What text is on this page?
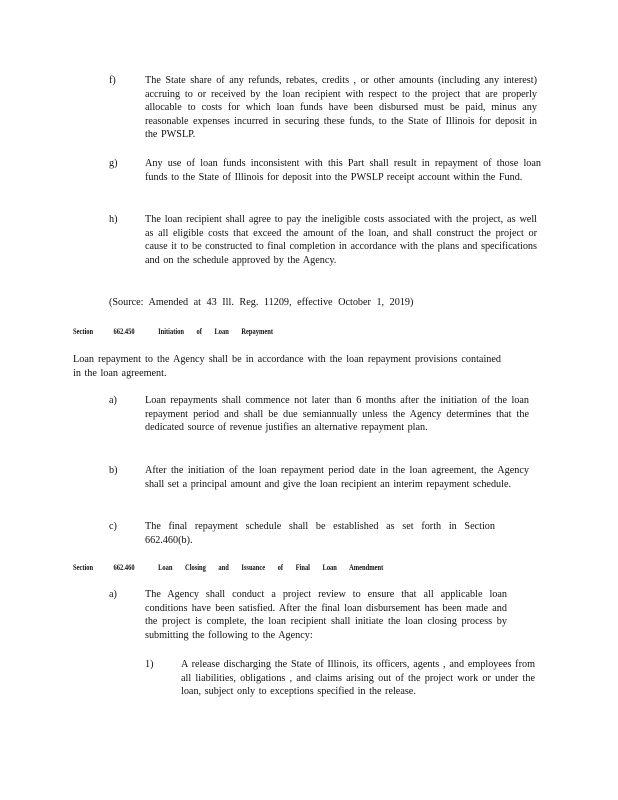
f)	The State share of any refunds, rebates, credits , or other amounts (including any interest) accruing to or received by the loan recipient with respect to the project that are properly allocable to costs for which loan funds have been disbursed must be paid, minus any reasonable expenses incurred in securing these funds, to the State of Illinois for deposit in the PWSLP.
g)	Any use of loan funds inconsistent with this Part shall result in repayment of those loan funds to the State of Illinois for deposit into the PWSLP receipt account within the Fund.
h)	The loan recipient shall agree to pay the ineligible costs associated with the project, as well as all eligible costs that exceed the amount of the loan, and shall construct the project or cause it to be constructed to final completion in accordance with the plans and specifications and on the schedule approved by the Agency.
(Source: Amended at 43 Ill. Reg. 11209, effective October 1, 2019)
Section 662.450	Initiation of Loan Repayment
Loan repayment to the Agency shall be in accordance with the loan repayment provisions contained in the loan agreement.
a)	Loan repayments shall commence not later than 6 months after the initiation of the loan repayment period and shall be due semiannually unless the Agency determines that the dedicated source of revenue justifies an alternative repayment plan.
b)	After the initiation of the loan repayment period date in the loan agreement, the Agency shall set a principal amount and give the loan recipient an interim repayment schedule.
c)	The final repayment schedule shall be established as set forth in Section 662.460(b).
Section 662.460	Loan Closing and Issuance of Final Loan Amendment
a)	The Agency shall conduct a project review to ensure that all applicable loan conditions have been satisfied. After the final loan disbursement has been made and the project is complete, the loan recipient shall initiate the loan closing process by submitting the following to the Agency:
1)	A release discharging the State of Illinois, its officers, agents , and employees from all liabilities, obligations , and claims arising out of the project work or under the loan, subject only to exceptions specified in the release.
